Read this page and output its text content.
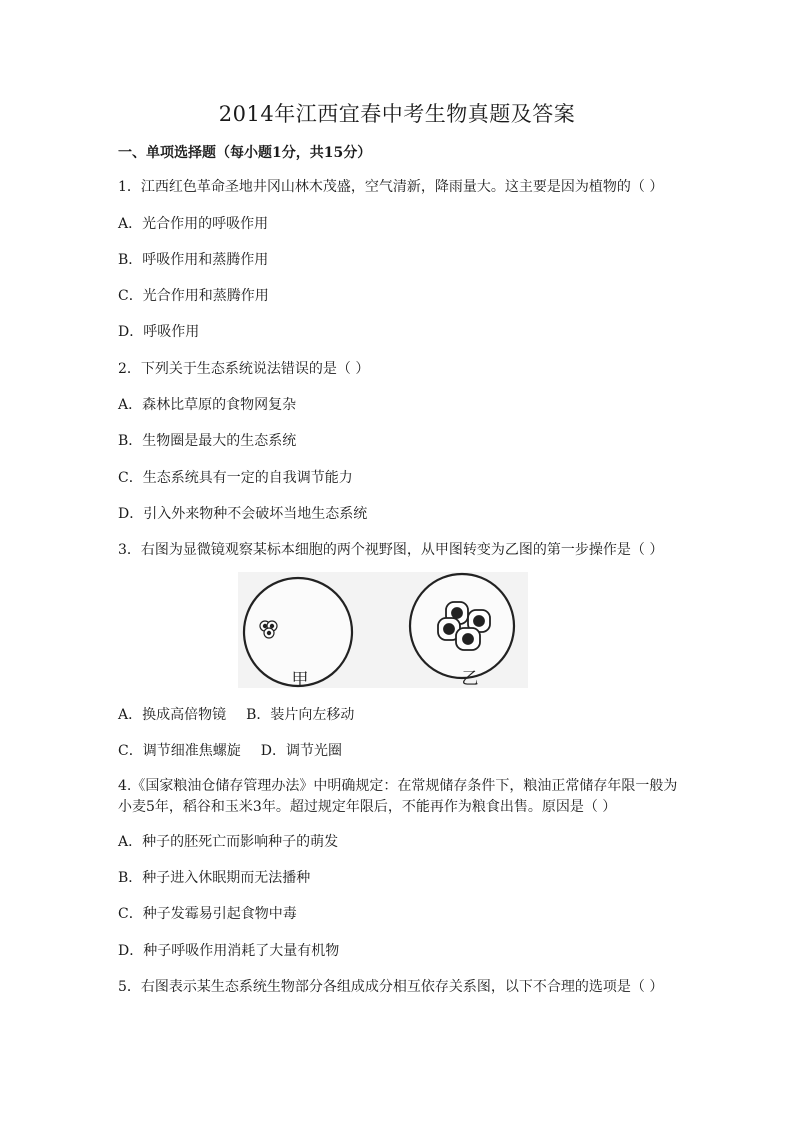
2014年江西宜春中考生物真题及答案
一、单项选择题（每小题1分，共15分）
1．江西红色革命圣地井冈山林木茂盛，空气清新，降雨量大。这主要是因为植物的（ ）
A．光合作用的呼吸作用
B．呼吸作用和蒸腾作用
C．光合作用和蒸腾作用
D．呼吸作用
2．下列关于生态系统说法错误的是（ ）
A．森林比草原的食物网复杂
B．生物圈是最大的生态系统
C．生态系统具有一定的自我调节能力
D．引入外来物种不会破坏当地生态系统
3．右图为显微镜观察某标本细胞的两个视野图，从甲图转变为乙图的第一步操作是（ ）
甲	乙
A．换成高倍物镜 B．装片向左移动
C．调节细准焦螺旋 D．调节光圈
4.《国家粮油仓储存管理办法》中明确规定：在常规储存条件下，粮油正常储存年限一般为小麦5年，稻谷和玉米3年。超过规定年限后，不能再作为粮食出售。原因是（ ）
A．种子的胚死亡而影响种子的萌发
B．种子进入休眠期而无法播种
C．种子发霉易引起食物中毒
D．种子呼吸作用消耗了大量有机物
5．右图表示某生态系统生物部分各组成成分相互依存关系图，以下不合理的选项是（ ）
